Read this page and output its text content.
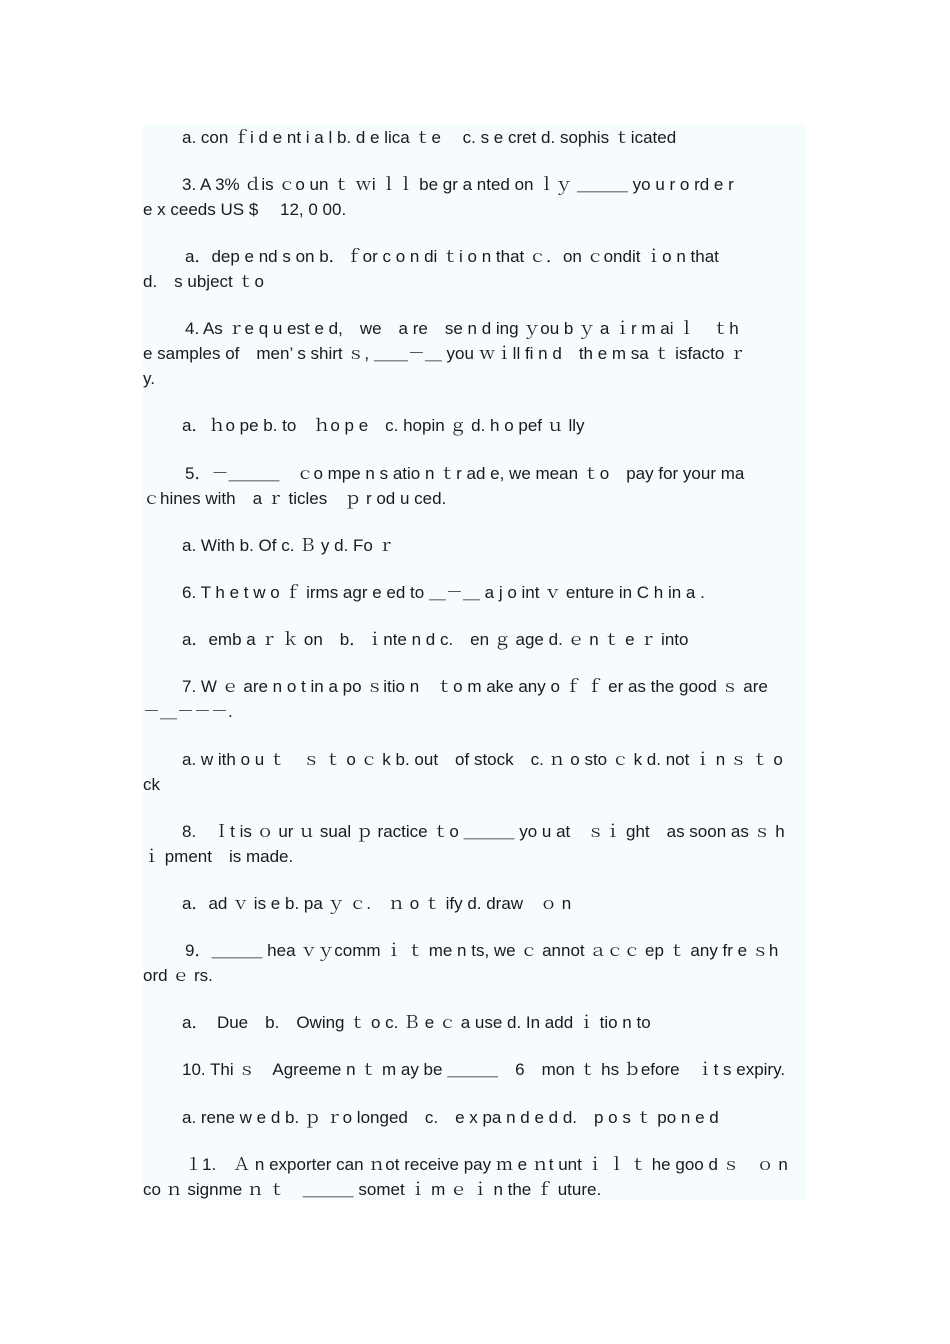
a. con ｆi d e nt i a l b. d e lica ｔe 　c. s e cret d. sophis ｔicated
3. A 3% ｄis ｃo un ｔ ｗi ｌｌ be gr a nted on ｌｙ ＿＿＿ yo u r o rd e r
e x ceeds US $ 　12, 0 00.
a．dep e nd s on b．ｆor c o n di ｔi o n that ｃ．on ｃondit ｉo n that
d.　s ubject ｔo
4. As ｒe q u est e d,　we　a re　se n d ing ｙou b ｙ a ｉr m ai ｌ　ｔh
e samples of　men’ s shirt ｓ, ＿＿－＿ you ｗｉll fi n d　th e m sa ｔ isfacto ｒ
y.
a．ｈo pe b. to　ｈo p e　c. hopin ｇ d. h o pef ｕ lly
5．－＿＿＿　ｃo mpe n s atio n ｔr ad e, we mean ｔo　pay for your ma
ｃhines with　a ｒ ticles　ｐ r od u ced.
a. With b. Of c. Ｂ y d. Fo ｒ
6. T h e t w o ｆ irms agr e ed to ＿－＿ a j o int ｖ enture in C h in a .
a．emb a ｒ ｋ on　b．ｉnte n d c.　en ｇ age d. ｅ n ｔ e ｒ into
7. W ｅ are n o t in a po ｓitio n　ｔo m ake any o ｆ ｆ er as the good ｓ are
－＿－－－.
a. w ith o u ｔ　ｓ ｔ o ｃ k b. out　of stock　c. ｎ o sto ｃ k d. not ｉ n ｓ ｔ o
ck
8.　Ｉt is ｏ ur ｕ sual ｐ ractice ｔo ＿＿＿ yo u at　ｓｉ ght　as soon as ｓ h
ｉ pment　is made.
a．ad ｖ is e b. pa ｙ ｃ.　ｎ o ｔ ify d. draw　ｏ n
9．＿＿＿ hea ｖｙcomm ｉ ｔ me n ts, we ｃ annot ａｃｃ ep ｔ any fr e ｓh
ord ｅ rs.
a．　Due　b.　Owing ｔ o c. Ｂ e ｃ a use d. In add ｉ tio n to
10. Thi ｓ　Agreeme n ｔ m ay be ＿＿＿　6　mon ｔ hs ｂefore　ｉt s expiry.
a. rene w e d b. ｐ ｒo longed　c.　e x pa n d e d d.　p o s ｔ po n e d
１1.　Ａ n exporter can ｎot receive pay ｍ e ｎt unt ｉ ｌ ｔ he goo d ｓ　ｏ n
co ｎ signme ｎ ｔ　＿＿＿ somet ｉ m ｅ ｉ n the ｆ uture.
